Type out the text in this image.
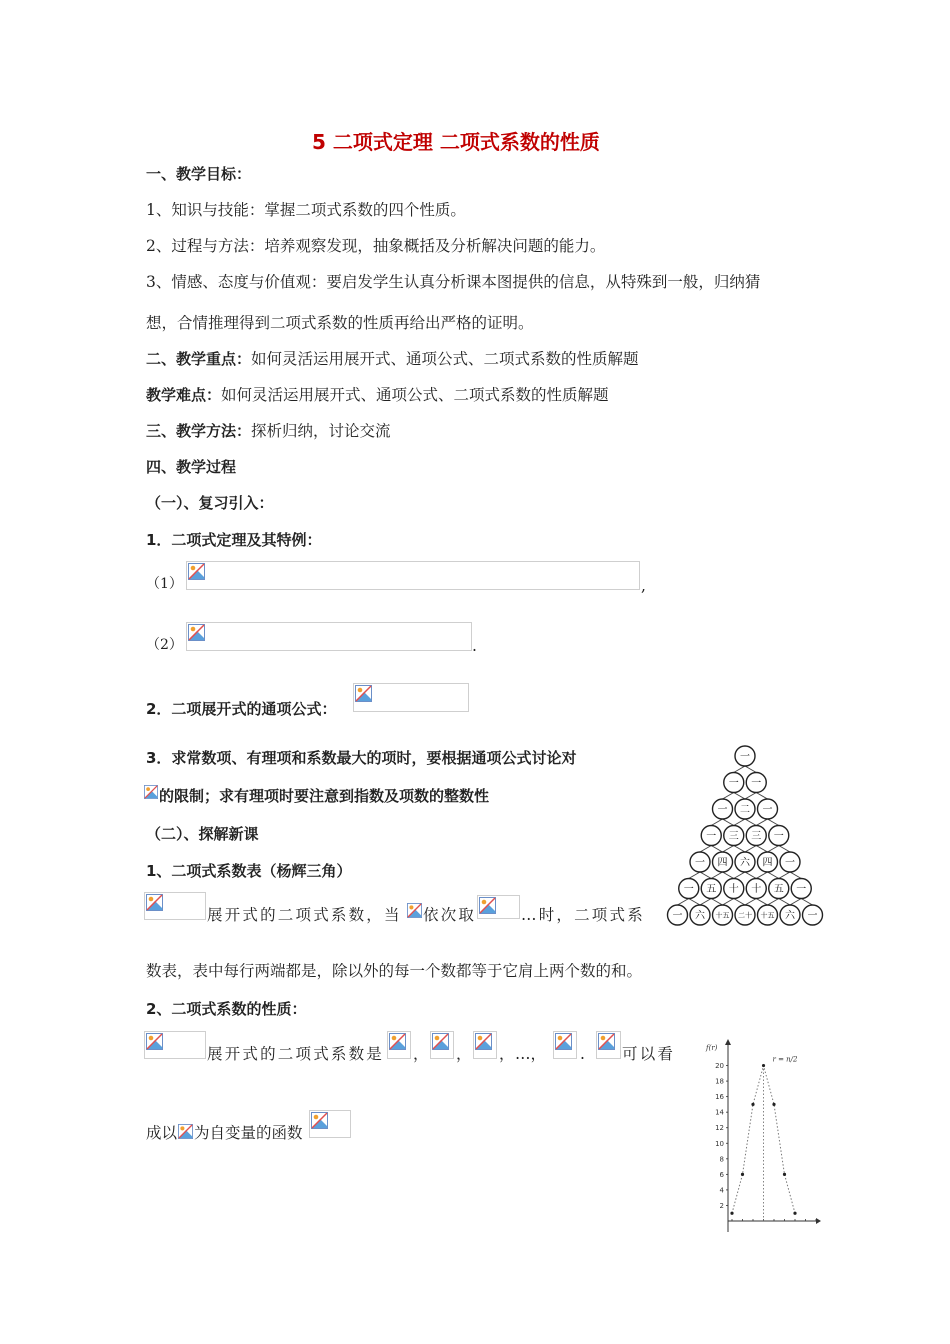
5 二项式定理 二项式系数的性质
一、教学目标：
1、知识与技能：掌握二项式系数的四个性质。
2、过程与方法：培养观察发现，抽象概括及分析解决问题的能力。
3、情感、态度与价值观：要启发学生认真分析课本图提供的信息，从特殊到一般，归纳猜
想，合情推理得到二项式系数的性质再给出严格的证明。
二、教学重点：如何灵活运用展开式、通项公式、二项式系数的性质解题
教学难点：如何灵活运用展开式、通项公式、二项式系数的性质解题
三、教学方法：探析归纳，讨论交流
四、教学过程
（一）、复习引入：
1．二项式定理及其特例：
（1）	,
（2）	.
2．二项展开式的通项公式：
3．求常数项、有理项和系数最大的项时，要根据通项公式讨论对
的限制；求有理项时要注意到指数及项数的整数性
（二）、探解新课
1、二项式系数表（杨辉三角）
展开式的二项式系数，当 依次取	…时，二项式系
数表，表中每行两端都是，除以外的每一个数都等于它肩上两个数的和。
2、二项式系数的性质：
展开式的二项式系数是 ， ， ， …， . 可以看
成以 为自变量的函数
一
一 一
一 二 一
一 三 三 一
一 四 六 四 一
一 五 十 十 五 一
一 六 十五 二十 十五 六 一
f(r)
2
4
6
8
10
12
14
16
18
20
r = n/2
